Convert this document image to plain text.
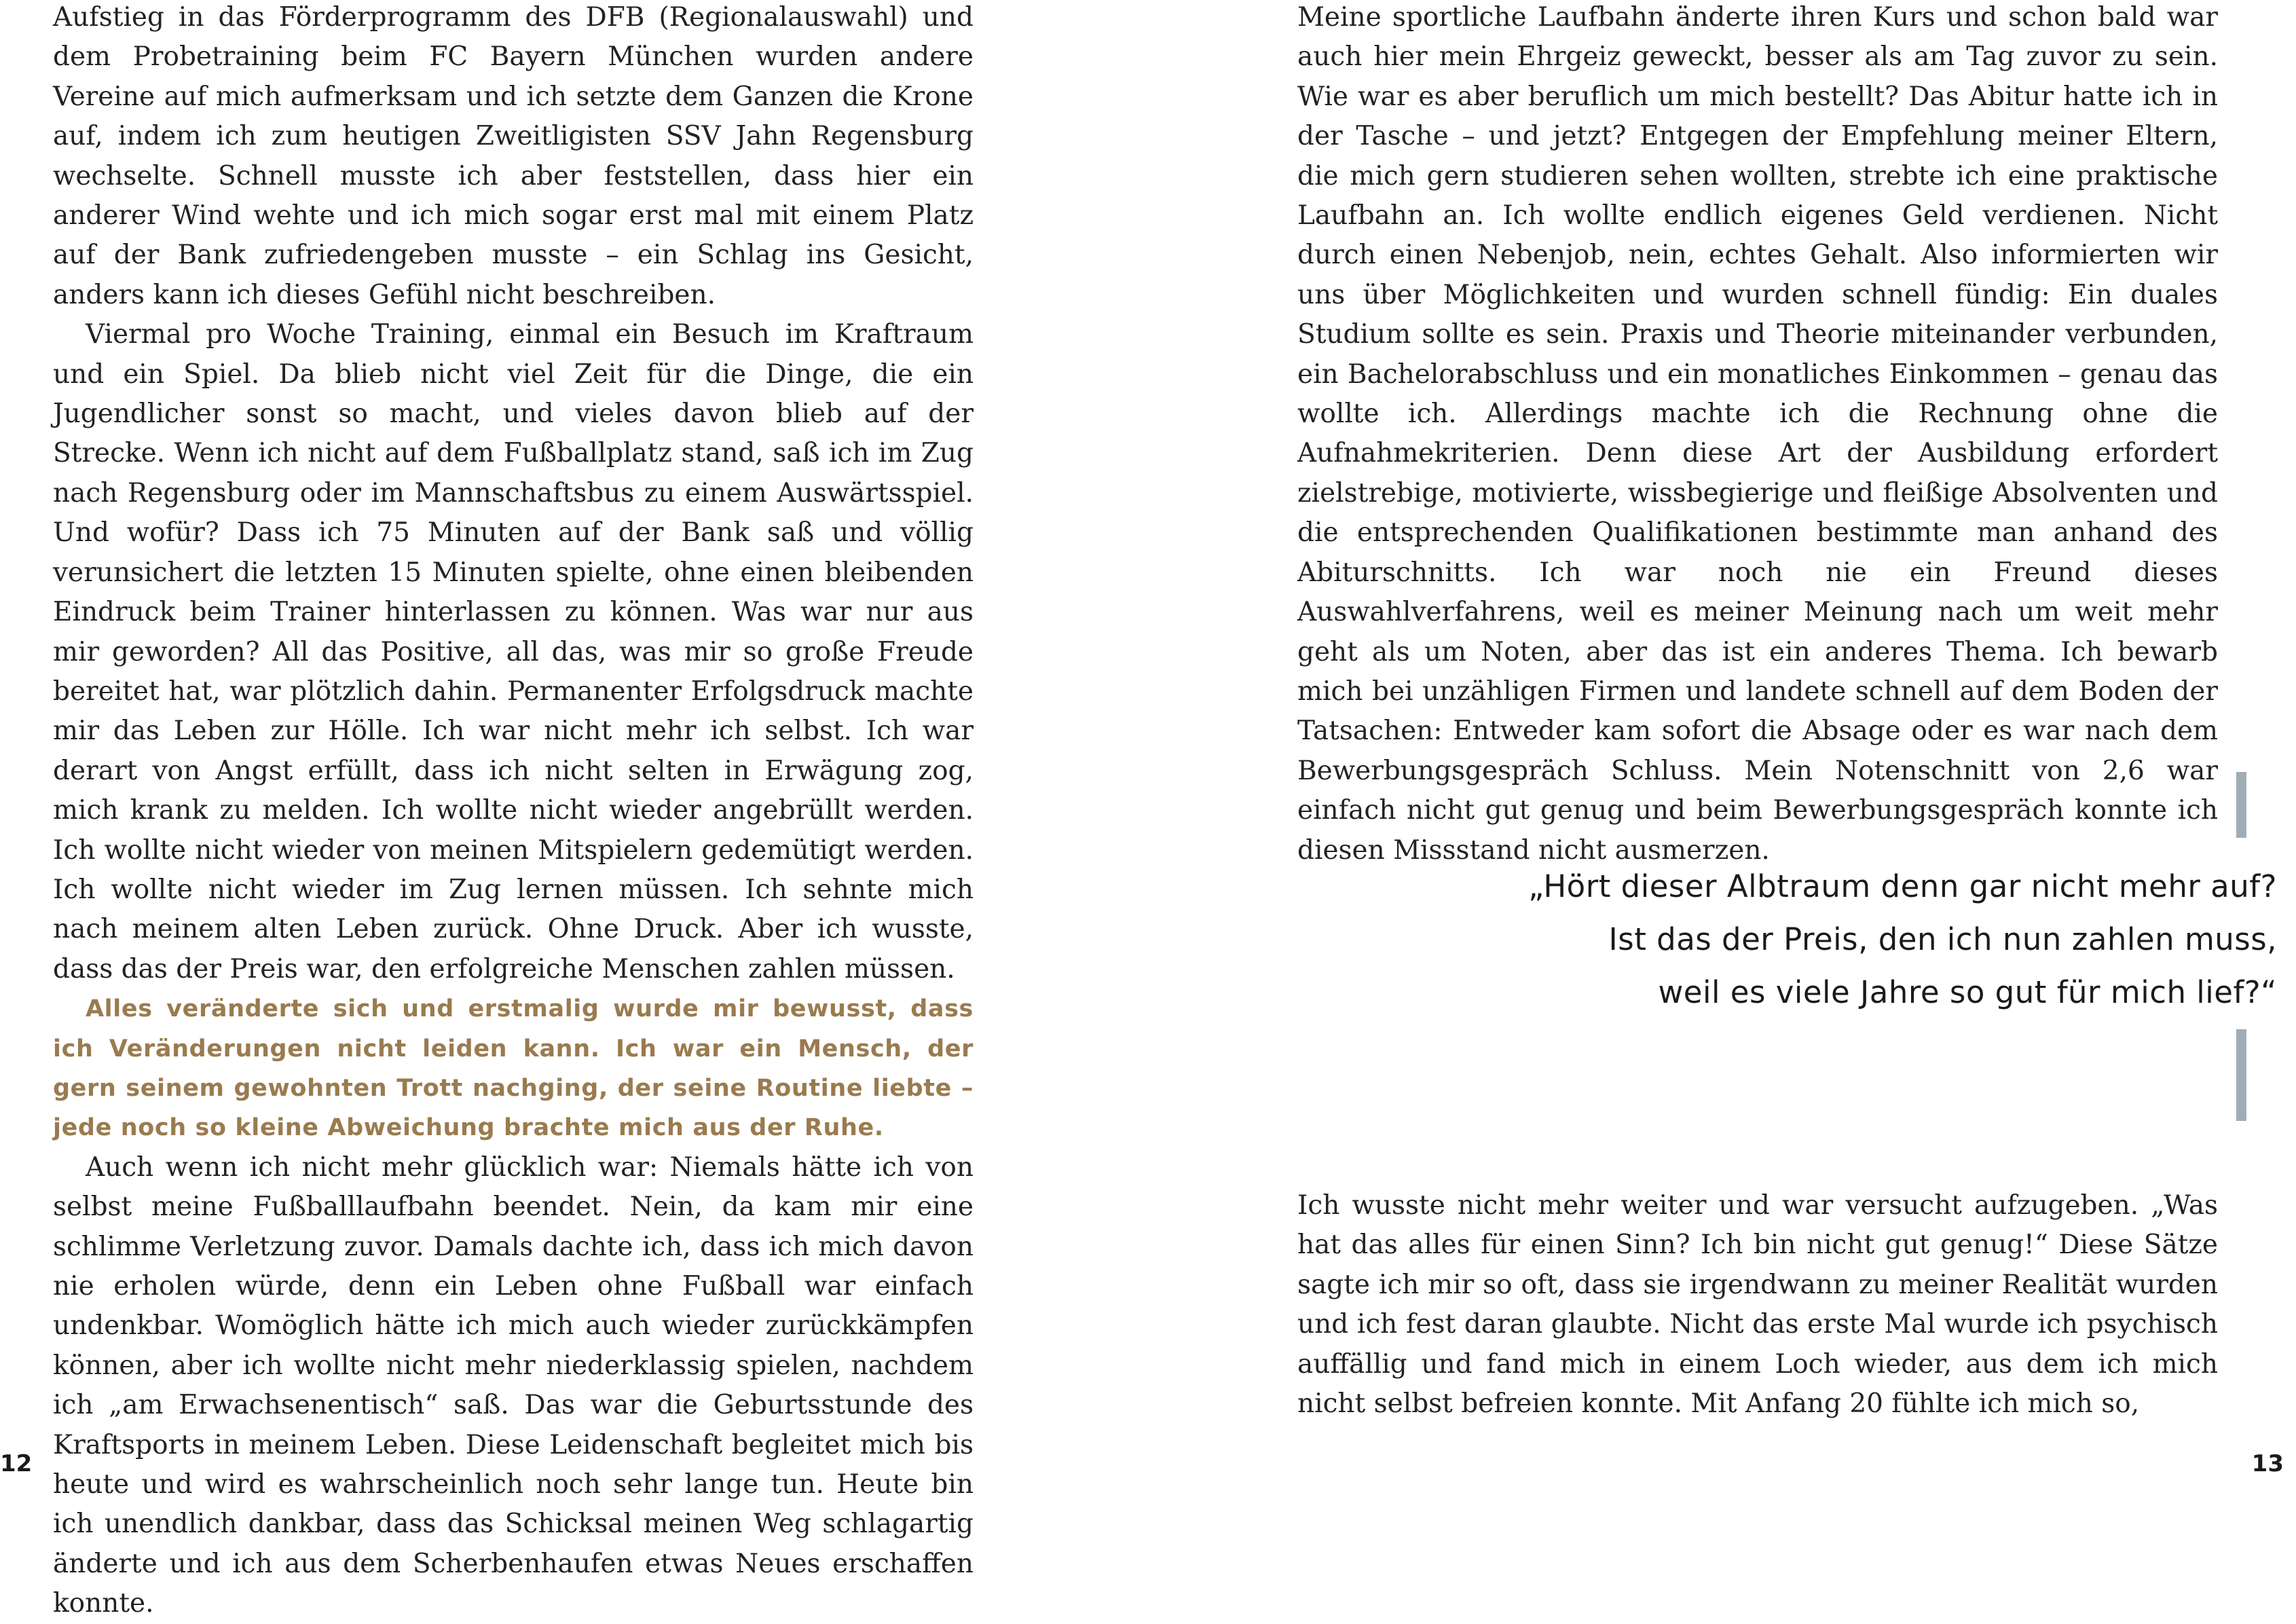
Aufstieg in das Förderprogramm des DFB (Regionalauswahl) und dem Probetraining beim FC Bayern München wurden andere Vereine auf mich aufmerksam und ich setzte dem Ganzen die Krone auf, indem ich zum heutigen Zweitligisten SSV Jahn Regensburg wechselte. Schnell musste ich aber feststellen, dass hier ein anderer Wind wehte und ich mich sogar erst mal mit einem Platz auf der Bank zufriedengeben musste – ein Schlag ins Gesicht, anders kann ich dieses Gefühl nicht beschreiben.

Viermal pro Woche Training, einmal ein Besuch im Kraftraum und ein Spiel. Da blieb nicht viel Zeit für die Dinge, die ein Jugendlicher sonst so macht, und vieles davon blieb auf der Strecke. Wenn ich nicht auf dem Fußballplatz stand, saß ich im Zug nach Regensburg oder im Mannschaftsbus zu einem Auswärtsspiel. Und wofür? Dass ich 75 Minuten auf der Bank saß und völlig verunsichert die letzten 15 Minuten spielte, ohne einen bleibenden Eindruck beim Trainer hinterlassen zu können. Was war nur aus mir geworden? All das Positive, all das, was mir so große Freude bereitet hat, war plötzlich dahin. Permanenter Erfolgsdruck machte mir das Leben zur Hölle. Ich war nicht mehr ich selbst. Ich war derart von Angst erfüllt, dass ich nicht selten in Erwägung zog, mich krank zu melden. Ich wollte nicht wieder angebrüllt werden. Ich wollte nicht wieder von meinen Mitspielern gedemütigt werden. Ich wollte nicht wieder im Zug lernen müssen. Ich sehnte mich nach meinem alten Leben zurück. Ohne Druck. Aber ich wusste, dass das der Preis war, den erfolgreiche Menschen zahlen müssen.
Alles veränderte sich und erstmalig wurde mir bewusst, dass ich Veränderungen nicht leiden kann. Ich war ein Mensch, der gern seinem gewohnten Trott nachging, der seine Routine liebte – jede noch so kleine Abweichung brachte mich aus der Ruhe.

Auch wenn ich nicht mehr glücklich war: Niemals hätte ich von selbst meine Fußballlaufbahn beendet. Nein, da kam mir eine schlimme Verletzung zuvor. Damals dachte ich, dass ich mich davon nie erholen würde, denn ein Leben ohne Fußball war einfach undenkbar. Womöglich hätte ich mich auch wieder zurückkämpfen können, aber ich wollte nicht mehr niederklassig spielen, nachdem ich „am Erwachsenentisch“ saß. Das war die Geburtsstunde des Kraftsports in meinem Leben. Diese Leidenschaft begleitet mich bis heute und wird es wahrscheinlich noch sehr lange tun. Heute bin ich unendlich dankbar, dass das Schicksal meinen Weg schlagartig änderte und ich aus dem Scherbenhaufen etwas Neues erschaffen konnte.

12

Meine sportliche Laufbahn änderte ihren Kurs und schon bald war auch hier mein Ehrgeiz geweckt, besser als am Tag zuvor zu sein. Wie war es aber beruflich um mich bestellt? Das Abitur hatte ich in der Tasche – und jetzt? Entgegen der Empfehlung meiner Eltern, die mich gern studieren sehen wollten, strebte ich eine praktische Laufbahn an. Ich wollte endlich eigenes Geld verdienen. Nicht durch einen Nebenjob, nein, echtes Gehalt. Also informierten wir uns über Möglichkeiten und wurden schnell fündig: Ein duales Studium sollte es sein. Praxis und Theorie miteinander verbunden, ein Bachelorabschluss und ein monatliches Einkommen – genau das wollte ich. Allerdings machte ich die Rechnung ohne die Aufnahmekriterien. Denn diese Art der Ausbildung erfordert zielstrebige, motivierte, wissbegierige und fleißige Absolventen und die entsprechenden Qualifikationen bestimmte man anhand des Abiturschnitts. Ich war noch nie ein Freund dieses Auswahlverfahrens, weil es meiner Meinung nach um weit mehr geht als um Noten, aber das ist ein anderes Thema. Ich bewarb mich bei unzähligen Firmen und landete schnell auf dem Boden der Tatsachen: Entweder kam sofort die Absage oder es war nach dem Bewerbungsgespräch Schluss. Mein Notenschnitt von 2,6 war einfach nicht gut genug und beim Bewerbungsgespräch konnte ich diesen Missstand nicht ausmerzen.

„Hört dieser Albtraum denn gar nicht mehr auf?
Ist das der Preis, den ich nun zahlen muss,
weil es viele Jahre so gut für mich lief?“

Ich wusste nicht mehr weiter und war versucht aufzugeben. „Was hat das alles für einen Sinn? Ich bin nicht gut genug!“ Diese Sätze sagte ich mir so oft, dass sie irgendwann zu meiner Realität wurden und ich fest daran glaubte. Nicht das erste Mal wurde ich psychisch auffällig und fand mich in einem Loch wieder, aus dem ich mich nicht selbst befreien konnte. Mit Anfang 20 fühlte ich mich so,

13
